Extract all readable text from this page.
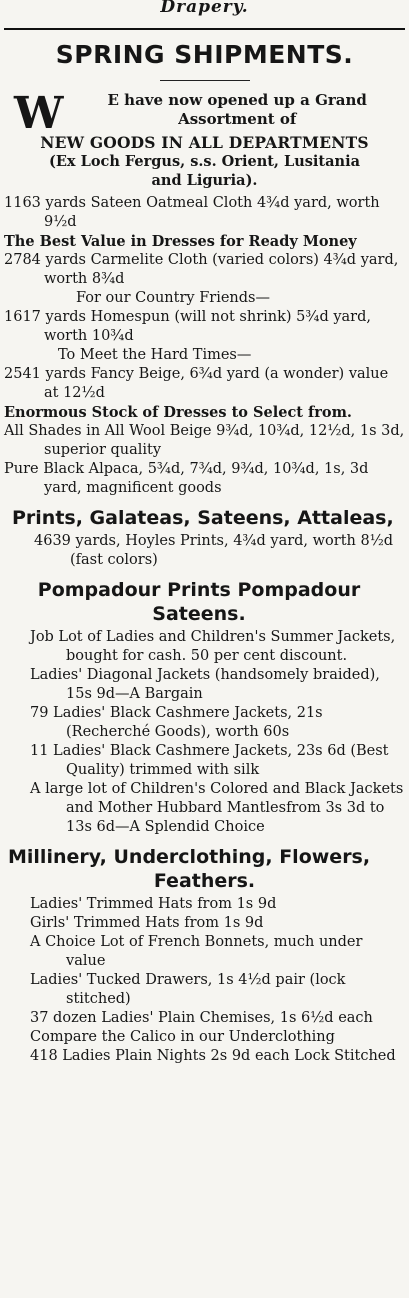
Drapery.
SPRING SHIPMENTS.
W	E have now opened up a Grand
Assortment of
NEW GOODS IN ALL DEPARTMENTS
(Ex Loch Fergus, s.s. Orient, Lusitania
and Liguria).

1163 yards Sateen Oatmeal Cloth 4¾d yard, worth 9½d

The Best Value in Dresses for Ready Money

2784 yards Carmelite Cloth (varied colors) 4¾d yard, worth 8¾d

For our Country Friends—

1617 yards Homespun (will not shrink) 5¾d yard, worth 10¾d

To Meet the Hard Times—

2541 yards Fancy Beige, 6¾d yard (a wonder) value at 12½d

Enormous Stock of Dresses to Select from.

All Shades in All Wool Beige 9¾d, 10¾d, 12½d, 1s 3d, superior quality

Pure Black Alpaca, 5¾d, 7¾d, 9¾d, 10¾d, 1s, 3d yard, magnificent goods

Prints, Galateas, Sateens, Attaleas,

4639 yards, Hoyles Prints, 4¾d yard, worth 8½d (fast colors)

Pompadour Prints Pompadour Sateens.

Job Lot of Ladies and Children's Summer Jackets, bought for cash. 50 per cent discount.

Ladies' Diagonal Jackets (handsomely braided), 15s 9d—A Bargain

79 Ladies' Black Cashmere Jackets, 21s (Recherché Goods), worth 60s

11 Ladies' Black Cashmere Jackets, 23s 6d (Best Quality) trimmed with silk

A large lot of Children's Colored and Black Jackets and Mother Hubbard Mantlesfrom 3s 3d to 13s 6d—A Splendid Choice

Millinery, Underclothing, Flowers,
Feathers.

Ladies' Trimmed Hats from 1s 9d

Girls' Trimmed Hats from 1s 9d

A Choice Lot of French Bonnets, much under value

Ladies' Tucked Drawers, 1s 4½d pair (lock stitched)

37 dozen Ladies' Plain Chemises, 1s 6½d each

Compare the Calico in our Underclothing

418 Ladies Plain Nights 2s 9d each Lock Stitched
